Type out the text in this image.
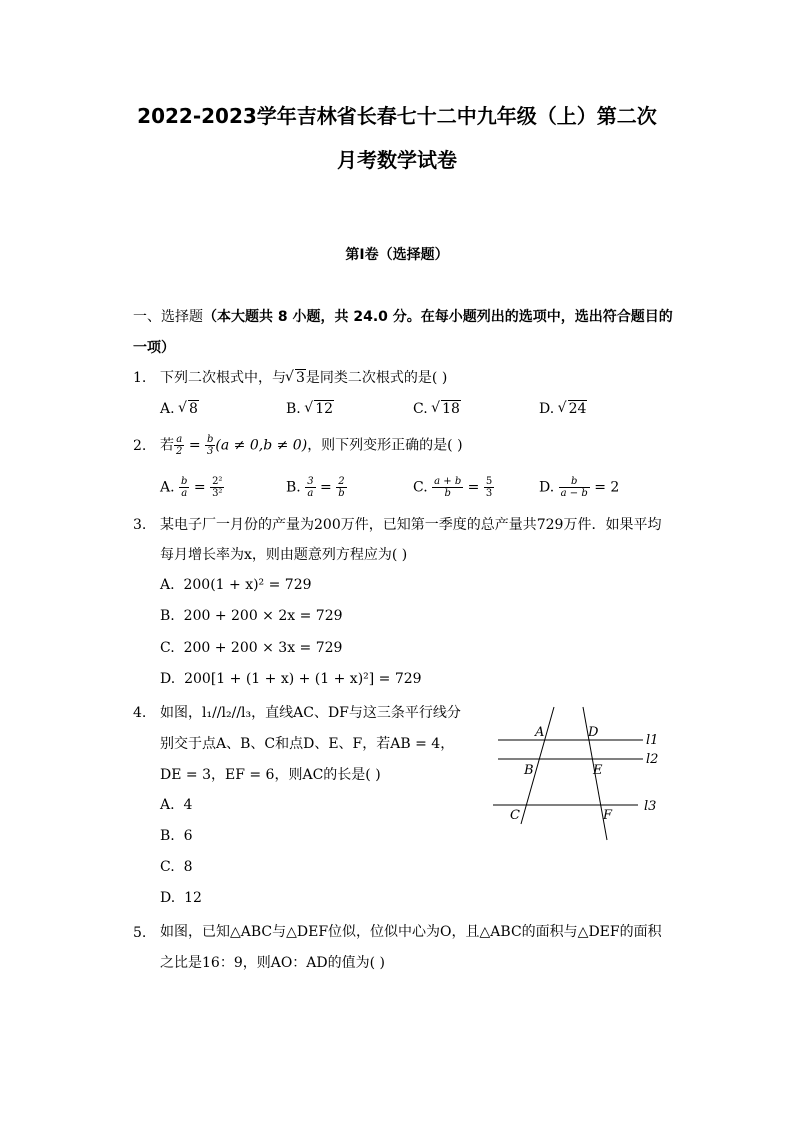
2022-2023学年吉林省长春七十二中九年级（上）第二次
月考数学试卷
第I卷（选择题）
一、选择题（本大题共 8 小题，共 24.0 分。在每小题列出的选项中，选出符合题目的
一项）
1. 下列二次根式中，与 √ 3是同类二次根式的是( )
A. √ 8	B. √ 12	C. √ 18	D. √ 24
2. 若 $\frac{a}{2} = \frac{b}{3} (a \ne 0,b \ne 0)$，则下列变形正确的是( )
A. $\frac{b}{a} = \frac{\text{2²}}{\text{3²}}$	B. $\frac{3}{a} = \frac{2}{b}$	C. $\frac{a + b}{b} = \frac{5}{3}$	D. $\frac{b}{a - b} = 2$
3. 某电子厂一月份的产量为200万件，已知第一季度的总产量共729万件．如果平均
每月增长率为x，则由题意列方程应为( )
A. 200(1 + x)² = 729
B. 200 + 200 × 2x = 729
C. 200 + 200 × 3x = 729
D. 200[1 + (1 + x) + (1 + x)²] = 729
4. 如图，l₁//l₂//l₃，直线AC、DF与这三条平行线分
别交于点A、B、C和点D、E、F，若AB = 4，
DE = 3，EF = 6，则AC的长是( )
A. 4
B. 6
C. 8
D. 12
A	D
B	E
C	F
l1
l2
l3
5. 如图，已知△ABC与△DEF位似，位似中心为O，且△ABC的面积与△DEF的面积
之比是16：9，则AO：AD的值为( )
